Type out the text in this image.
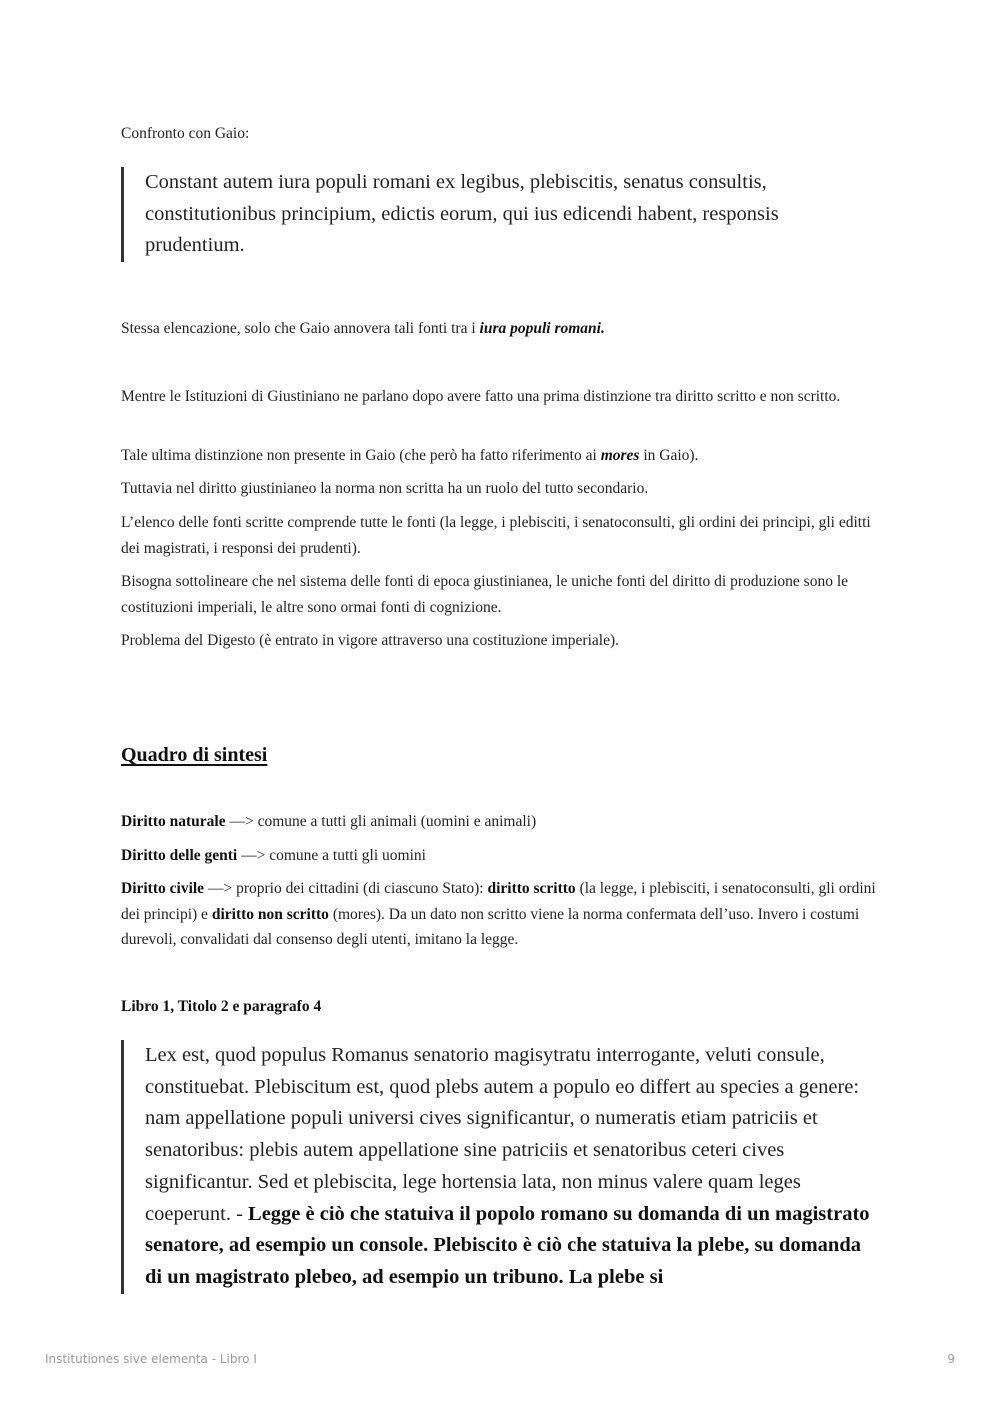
Confronto con Gaio:

Constant autem iura populi romani ex legibus, plebiscitis, senatus consultis, constitutionibus principium, edictis eorum, qui ius edicendi habent, responsis prudentium.

Stessa elencazione, solo che Gaio annovera tali fonti tra i iura populi romani.

Mentre le Istituzioni di Giustiniano ne parlano dopo avere fatto una prima distinzione tra diritto scritto e non scritto.

Tale ultima distinzione non presente in Gaio (che però ha fatto riferimento ai mores in Gaio).

Tuttavia nel diritto giustinianeo la norma non scritta ha un ruolo del tutto secondario.

L’elenco delle fonti scritte comprende tutte le fonti (la legge, i plebisciti, i senatoconsulti, gli ordini dei principi, gli editti dei magistrati, i responsi dei prudenti).

Bisogna sottolineare che nel sistema delle fonti di epoca giustinianea, le uniche fonti del diritto di produzione sono le costituzioni imperiali, le altre sono ormai fonti di cognizione.

Problema del Digesto (è entrato in vigore attraverso una costituzione imperiale).

Quadro di sintesi

Diritto naturale —> comune a tutti gli animali (uomini e animali)

Diritto delle genti —> comune a tutti gli uomini

Diritto civile —> proprio dei cittadini (di ciascuno Stato): diritto scritto (la legge, i plebisciti, i senatoconsulti, gli ordini dei principi) e diritto non scritto (mores). Da un dato non scritto viene la norma confermata dell’uso. Invero i costumi durevoli, convalidati dal consenso degli utenti, imitano la legge.

Libro 1, Titolo 2 e paragrafo 4

Lex est, quod populus Romanus senatorio magisytratu interrogante, veluti consule, constituebat. Plebiscitum est, quod plebs autem a populo eo differt au species a genere: nam appellatione populi universi cives significantur, o numeratis etiam patriciis et senatoribus: plebis autem appellatione sine patriciis et senatoribus ceteri cives significantur. Sed et plebiscita, lege hortensia lata, non minus valere quam leges coeperunt. - Legge è ciò che statuiva il popolo romano su domanda di un magistrato senatore, ad esempio un console. Plebiscito è ciò che statuiva la plebe, su domanda di un magistrato plebeo, ad esempio un tribuno. La plebe si
Institutiones sive elementa - Libro I	9
